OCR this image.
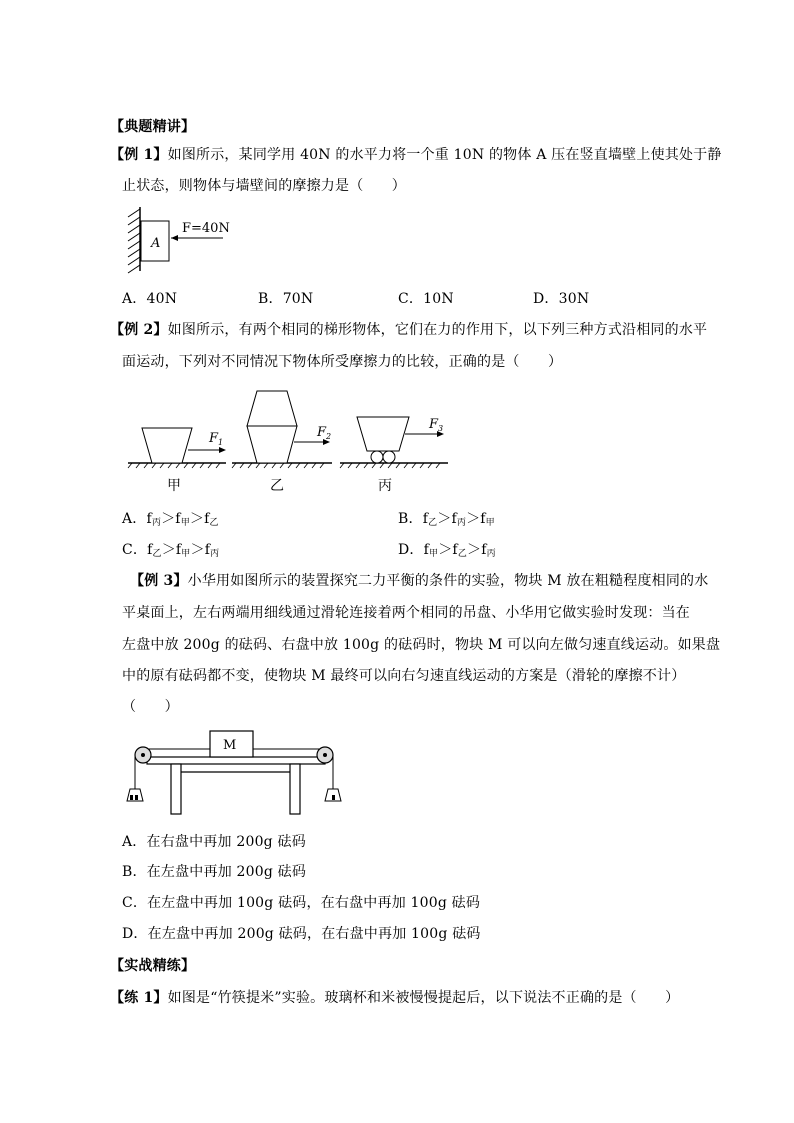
【典题精讲】
【例 1】如图所示，某同学用 40N 的水平力将一个重 10N 的物体 A 压在竖直墙壁上使其处于静
止状态，则物体与墙壁间的摩擦力是（　　）
A
F=40N
A．40N	B．70N	C．10N	D．30N
【例 2】如图所示，有两个相同的梯形物体，它们在力的作用下，以下列三种方式沿相同的水平
面运动，下列对不同情况下物体所受摩擦力的比较，正确的是（　　）
$F_1$
甲
$F_2$
乙
$F_3$
丙
A．$f_丙>f_甲>f_乙$	B．$f_乙>f_丙>f_甲$
C．$f_乙>f_甲>f_丙$	D．$f_甲>f_乙>f_丙$
【例 3】小华用如图所示的装置探究二力平衡的条件的实验，物块 M 放在粗糙程度相同的水
平桌面上，左右两端用细线通过滑轮连接着两个相同的吊盘、小华用它做实验时发现：当在
左盘中放 200g 的砝码、右盘中放 100g 的砝码时，物块 M 可以向左做匀速直线运动。如果盘
中的原有砝码都不变，使物块 M 最终可以向右匀速直线运动的方案是（滑轮的摩擦不计）
（　　）
M
A．在右盘中再加 200g 砝码
B．在左盘中再加 200g 砝码
C．在左盘中再加 100g 砝码，在右盘中再加 100g 砝码
D．在左盘中再加 200g 砝码，在右盘中再加 100g 砝码
【实战精练】
【练 1】如图是“竹筷提米”实验。玻璃杯和米被慢慢提起后，以下说法不正确的是（　　）
